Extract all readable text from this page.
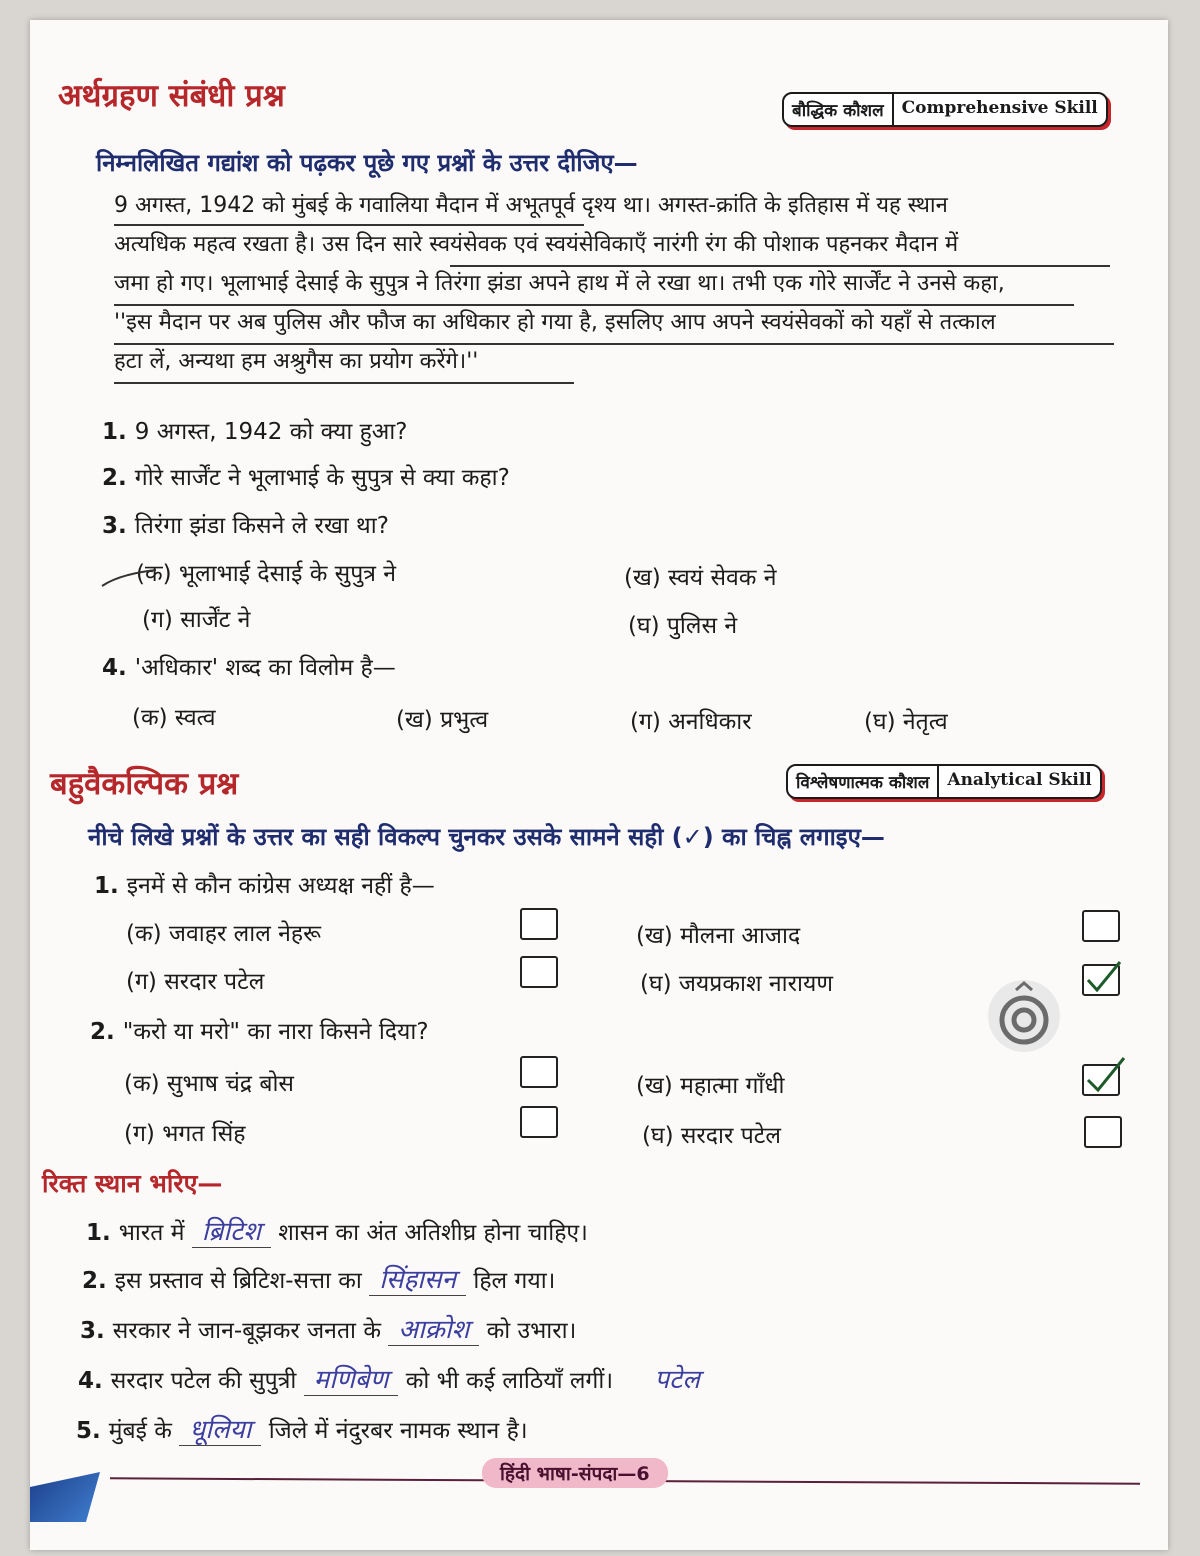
अर्थग्रहण संबंधी प्रश्न	बौद्धिक कौशल	Comprehensive Skill
निम्नलिखित गद्यांश को पढ़कर पूछे गए प्रश्नों के उत्तर दीजिए—
9 अगस्त, 1942 को मुंबई के गवालिया मैदान में अभूतपूर्व दृश्य था। अगस्त-क्रांति के इतिहास में यह स्थान
अत्यधिक महत्व रखता है। उस दिन सारे स्वयंसेवक एवं स्वयंसेविकाएँ नारंगी रंग की पोशाक पहनकर मैदान में
जमा हो गए। भूलाभाई देसाई के सुपुत्र ने तिरंगा झंडा अपने हाथ में ले रखा था। तभी एक गोरे सार्जेंट ने उनसे कहा,
''इस मैदान पर अब पुलिस और फौज का अधिकार हो गया है, इसलिए आप अपने स्वयंसेवकों को यहाँ से तत्काल
हटा लें, अन्यथा हम अश्रुगैस का प्रयोग करेंगे।''
1. 9 अगस्त, 1942 को क्या हुआ?
2. गोरे सार्जेंट ने भूलाभाई के सुपुत्र से क्या कहा?
3. तिरंगा झंडा किसने ले रखा था?
(क) भूलाभाई देसाई के सुपुत्र ने	(ख) स्वयं सेवक ने
(ग) सार्जेंट ने	(घ) पुलिस ने
4. 'अधिकार' शब्द का विलोम है—
(क) स्वत्व	(ख) प्रभुत्व	(ग) अनधिकार	(घ) नेतृत्व
बहुवैकल्पिक प्रश्न	विश्लेषणात्मक कौशल	Analytical Skill
नीचे लिखे प्रश्नों के उत्तर का सही विकल्प चुनकर उसके सामने सही (✓) का चिह्न लगाइए—
1. इनमें से कौन कांग्रेस अध्यक्ष नहीं है—
(क) जवाहर लाल नेहरू	(ख) मौलना आजाद
(ग) सरदार पटेल	(घ) जयप्रकाश नारायण
2. "करो या मरो" का नारा किसने दिया?
(क) सुभाष चंद्र बोस	(ख) महात्मा गाँधी
(ग) भगत सिंह	(घ) सरदार पटेल
रिक्त स्थान भरिए—
1. भारत में ब्रिटिश शासन का अंत अतिशीघ्र होना चाहिए।
2. इस प्रस्ताव से ब्रिटिश-सत्ता का सिंहासन हिल गया।
3. सरकार ने जान-बूझकर जनता के आक्रोश को उभारा।
4. सरदार पटेल की सुपुत्री मणिबेण को भी कई लाठियाँ लगीं। पटेल
5. मुंबई के धूलिया जिले में नंदुरबर नामक स्थान है।
हिंदी भाषा-संपदा—6
